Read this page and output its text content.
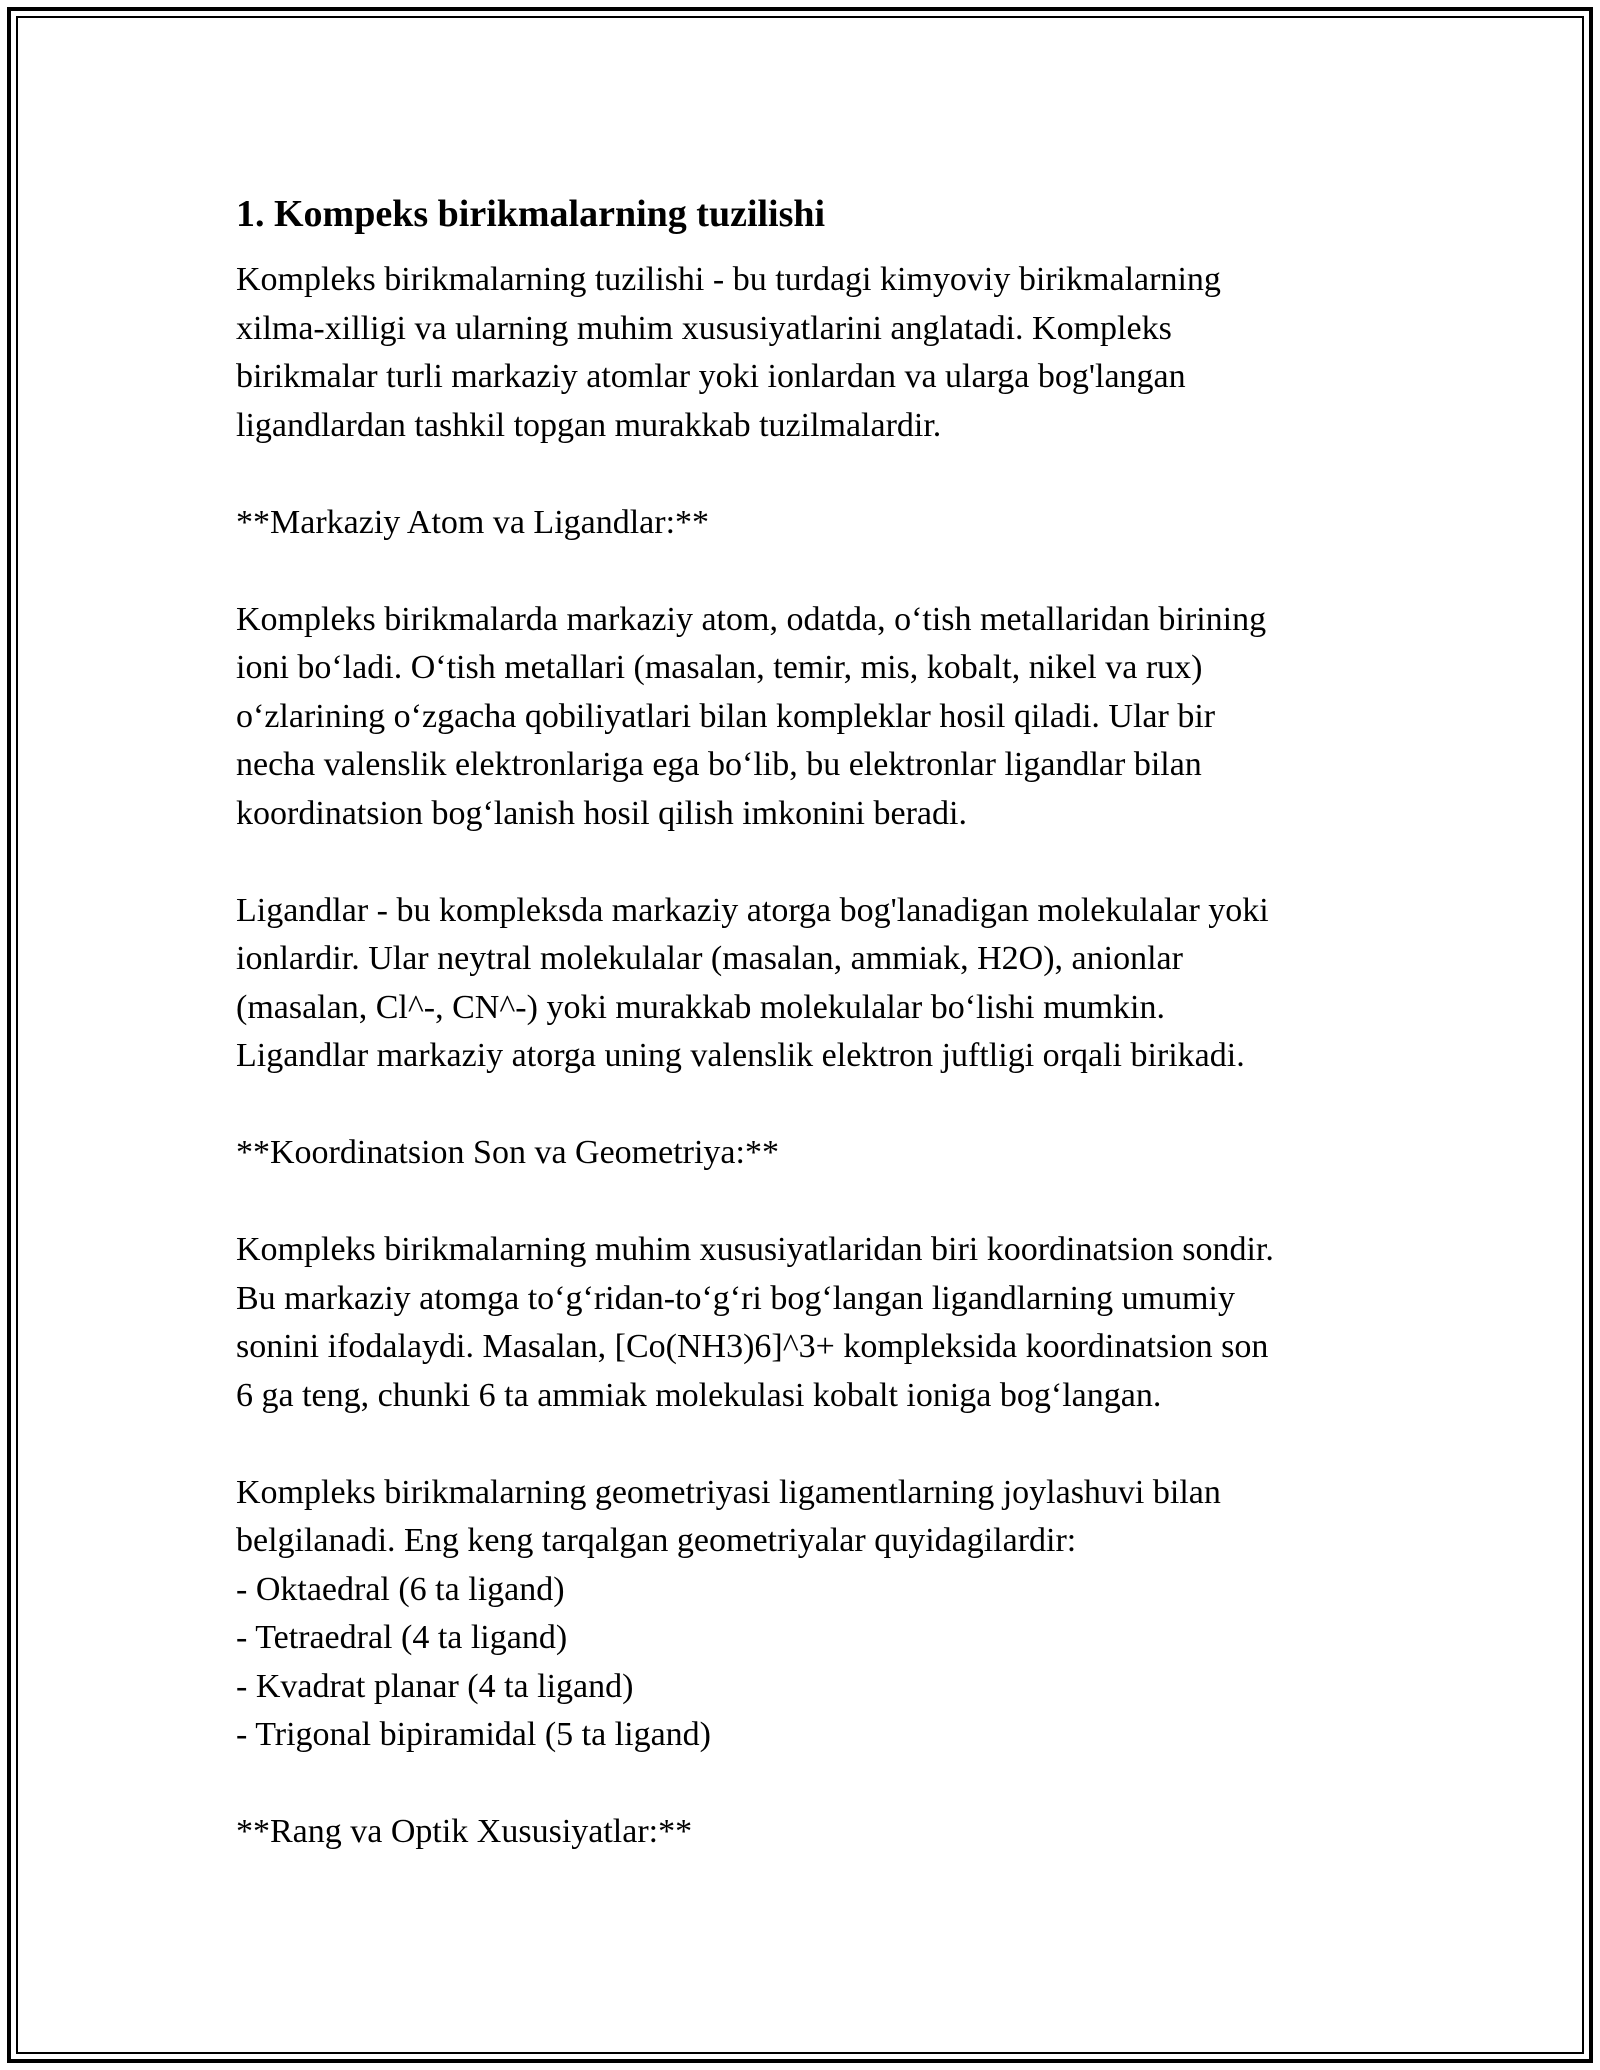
1. Kompeks birikmalarning tuzilishi
Kompleks birikmalarning tuzilishi - bu turdagi kimyoviy birikmalarning
xilma-xilligi va ularning muhim xususiyatlarini anglatadi. Kompleks
birikmalar turli markaziy atomlar yoki ionlardan va ularga bog'langan
ligandlardan tashkil topgan murakkab tuzilmalardir.
**Markaziy Atom va Ligandlar:**
Kompleks birikmalarda markaziy atom, odatda, oʻtish metallaridan birining
ioni boʻladi. Oʻtish metallari (masalan, temir, mis, kobalt, nikel va rux)
oʻzlarining oʻzgacha qobiliyatlari bilan kompleklar hosil qiladi. Ular bir
necha valenslik elektronlariga ega boʻlib, bu elektronlar ligandlar bilan
koordinatsion bogʻlanish hosil qilish imkonini beradi.
Ligandlar - bu kompleksda markaziy atorga bog'lanadigan molekulalar yoki
ionlardir. Ular neytral molekulalar (masalan, ammiak, H2O), anionlar
(masalan, Cl^-, CN^-) yoki murakkab molekulalar boʻlishi mumkin.
Ligandlar markaziy atorga uning valenslik elektron juftligi orqali birikadi.
**Koordinatsion Son va Geometriya:**
Kompleks birikmalarning muhim xususiyatlaridan biri koordinatsion sondir.
Bu markaziy atomga toʻgʻridan-toʻgʻri bogʻlangan ligandlarning umumiy
sonini ifodalaydi. Masalan, [Co(NH3)6]^3+ kompleksida koordinatsion son
6 ga teng, chunki 6 ta ammiak molekulasi kobalt ioniga bogʻlangan.
Kompleks birikmalarning geometriyasi ligamentlarning joylashuvi bilan
belgilanadi. Eng keng tarqalgan geometriyalar quyidagilardir:
- Oktaedral (6 ta ligand)
- Tetraedral (4 ta ligand)
- Kvadrat planar (4 ta ligand)
- Trigonal bipiramidal (5 ta ligand)
**Rang va Optik Xususiyatlar:**
